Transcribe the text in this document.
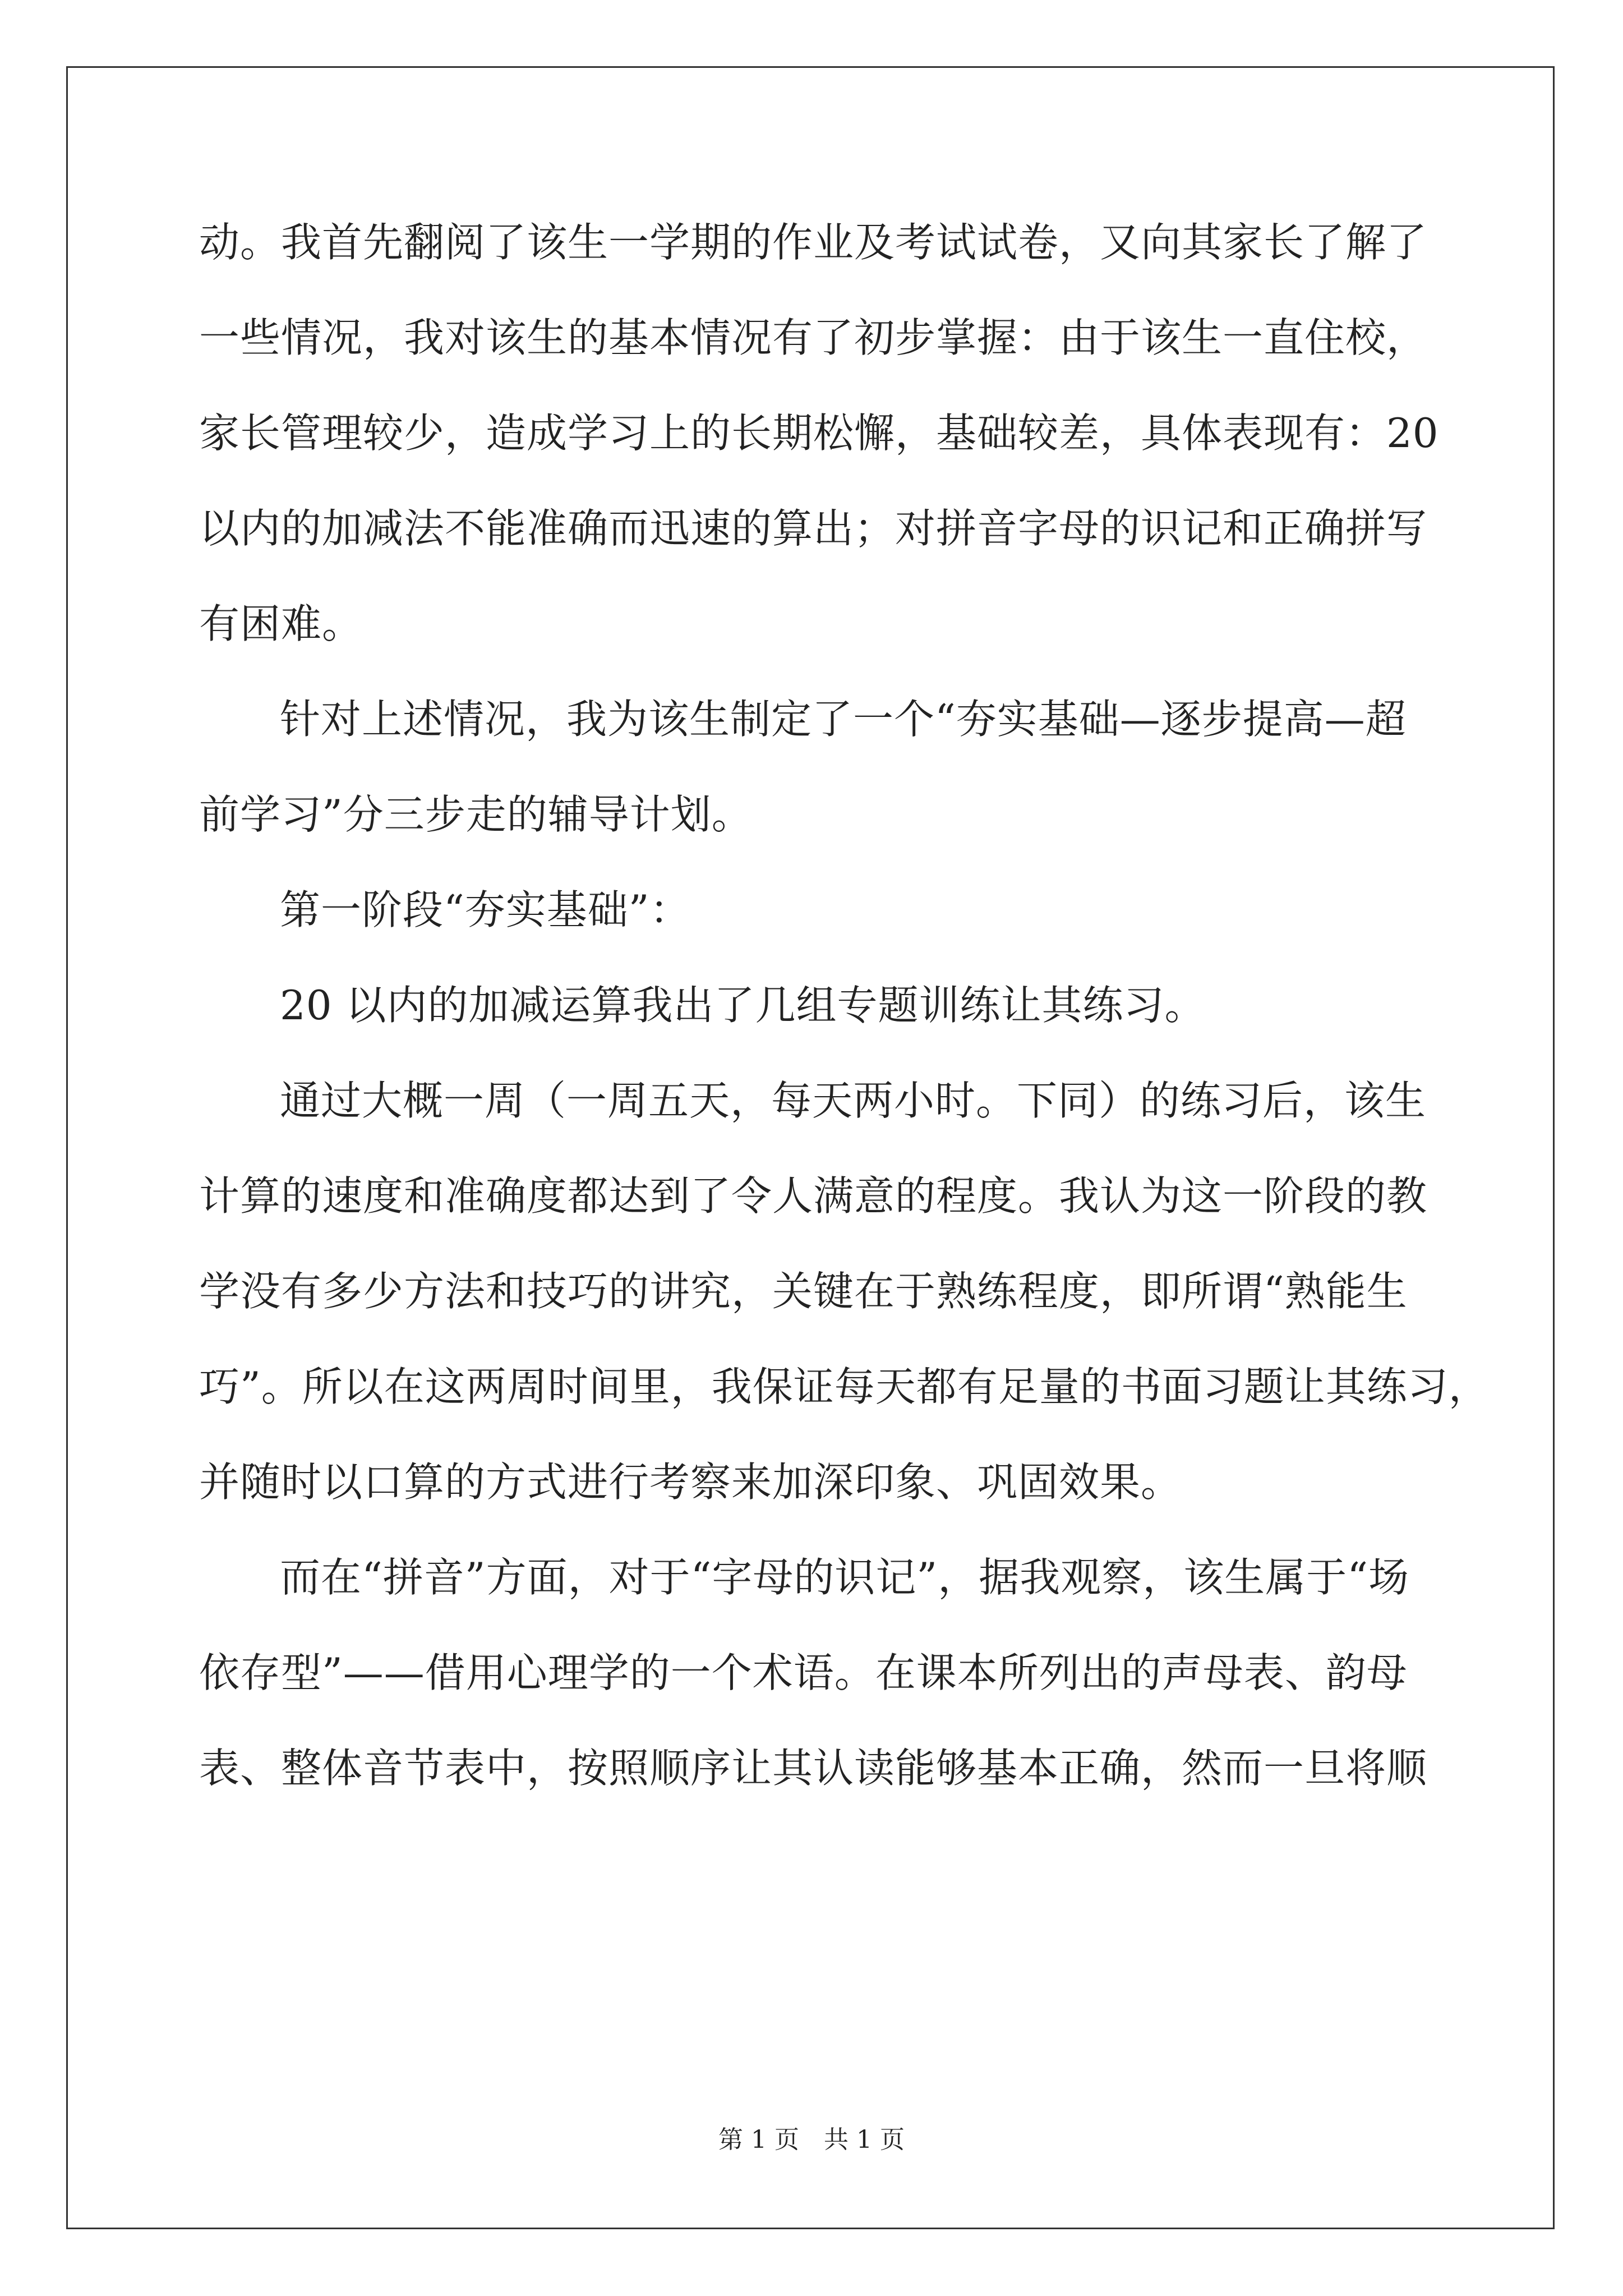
动。我首先翻阅了该生一学期的作业及考试试卷，又向其家长了解了
一些情况，我对该生的基本情况有了初步掌握：由于该生一直住校，
家长管理较少，造成学习上的长期松懈，基础较差，具体表现有：20
以内的加减法不能准确而迅速的算出；对拼音字母的识记和正确拼写
有困难。
针对上述情况，我为该生制定了一个“夯实基础—逐步提高—超
前学习”分三步走的辅导计划。
第一阶段“夯实基础”：
20 以内的加减运算我出了几组专题训练让其练习。
通过大概一周（一周五天，每天两小时。下同）的练习后，该生
计算的速度和准确度都达到了令人满意的程度。我认为这一阶段的教
学没有多少方法和技巧的讲究，关键在于熟练程度，即所谓“熟能生
巧”。所以在这两周时间里，我保证每天都有足量的书面习题让其练习，
并随时以口算的方式进行考察来加深印象、巩固效果。
而在“拼音”方面，对于“字母的识记”，据我观察，该生属于“场
依存型”——借用心理学的一个术语。在课本所列出的声母表、韵母
表、整体音节表中，按照顺序让其认读能够基本正确，然而一旦将顺
第 1 页　共 1 页
